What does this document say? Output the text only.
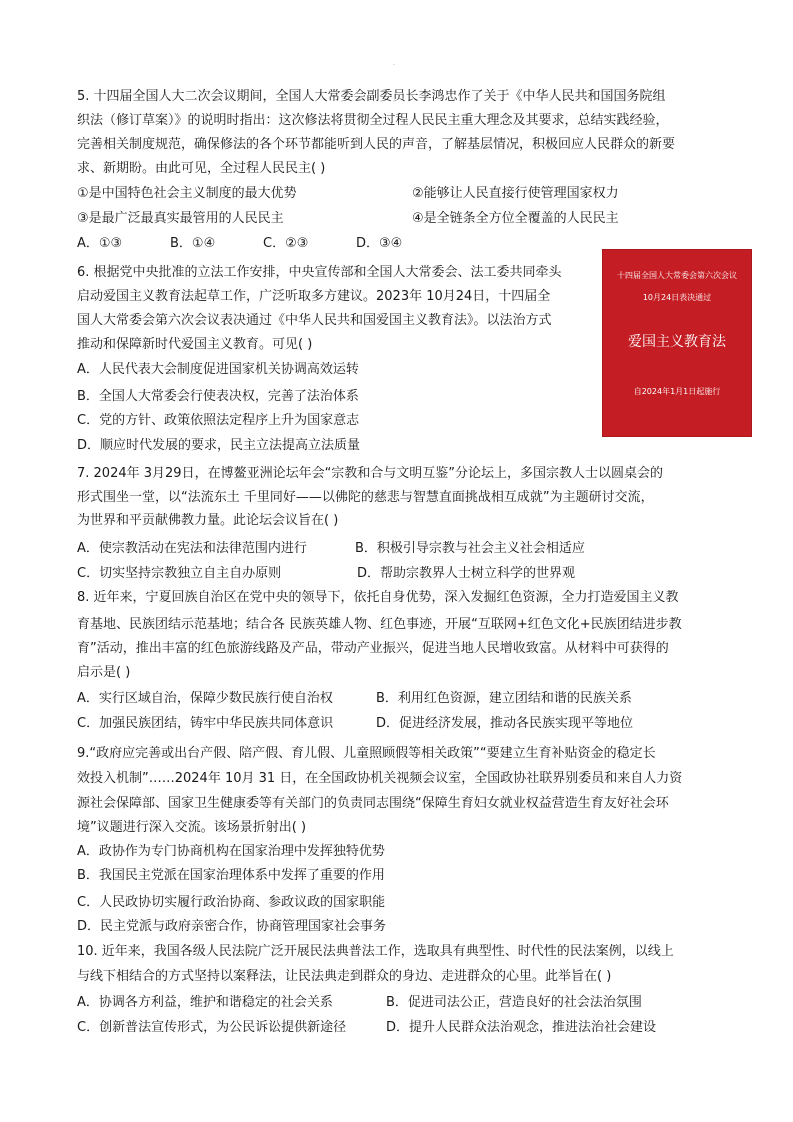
.
5. 十四届全国人大二次会议期间，全国人大常委会副委员长李鸿忠作了关于《中华人民共和国国务院组
织法（修订草案）》的说明时指出：这次修法将贯彻全过程人民民主重大理念及其要求，总结实践经验，
完善相关制度规范，确保修法的各个环节都能听到人民的声音，了解基层情况，积极回应人民群众的新要
求、新期盼。由此可见，全过程人民民主( )
①是中国特色社会主义制度的最大优势	②能够让人民直接行使管理国家权力
③是最广泛最真实最管用的人民民主	④是全链条全方位全覆盖的人民民主
A．①③	B．①④	C．②③	D．③④
6. 根据党中央批准的立法工作安排，中央宣传部和全国人大常委会、法工委共同牵头
启动爱国主义教育法起草工作，广泛听取多方建议。2023年 10月24日，十四届全
国人大常委会第六次会议表决通过《中华人民共和国爱国主义教育法》。以法治方式
推动和保障新时代爱国主义教育。可见( )
A．人民代表大会制度促进国家机关协调高效运转
B．全国人大常委会行使表决权，完善了法治体系
C．党的方针、政策依照法定程序上升为国家意志
D．顺应时代发展的要求，民主立法提高立法质量
十四届全国人大常委会第六次会议
10月24日表决通过
爱国主义教育法
自2024年1月1日起施行
7. 2024年 3月29日，在博鳌亚洲论坛年会“宗教和合与文明互鉴”分论坛上，多国宗教人士以圆桌会的
形式围坐一堂，以“法流东土 千里同好——以佛陀的慈悲与智慧直面挑战相互成就”为主题研讨交流，
为世界和平贡献佛教力量。此论坛会议旨在( )
A．使宗教活动在宪法和法律范围内进行	B．积极引导宗教与社会主义社会相适应
C．切实坚持宗教独立自主自办原则	D．帮助宗教界人士树立科学的世界观
8. 近年来，宁夏回族自治区在党中央的领导下，依托自身优势，深入发掘红色资源，全力打造爱国主义教
育基地、民族团结示范基地；结合各 民族英雄人物、红色事迹，开展“互联网+红色文化+民族团结进步教
育”活动，推出丰富的红色旅游线路及产品，带动产业振兴，促进当地人民增收致富。从材料中可获得的
启示是( )
A．实行区域自治，保障少数民族行使自治权	B．利用红色资源，建立团结和谐的民族关系
C．加强民族团结，铸牢中华民族共同体意识	D．促进经济发展，推动各民族实现平等地位
9.“政府应完善或出台产假、陪产假、育儿假、儿童照顾假等相关政策”“要建立生育补贴资金的稳定长
效投入机制”……2024年 10月 31 日，在全国政协机关视频会议室，全国政协社联界别委员和来自人力资
源社会保障部、国家卫生健康委等有关部门的负责同志围绕“保障生育妇女就业权益营造生育友好社会环
境”议题进行深入交流。该场景折射出( )
A．政协作为专门协商机构在国家治理中发挥独特优势
B．我国民主党派在国家治理体系中发挥了重要的作用
C．人民政协切实履行政治协商、参政议政的国家职能
D．民主党派与政府亲密合作，协商管理国家社会事务
10. 近年来，我国各级人民法院广泛开展民法典普法工作，选取具有典型性、时代性的民法案例，以线上
与线下相结合的方式坚持以案释法，让民法典走到群众的身边、走进群众的心里。此举旨在( )
A．协调各方利益，维护和谐稳定的社会关系	B．促进司法公正，营造良好的社会法治氛围
C．创新普法宣传形式，为公民诉讼提供新途径	D．提升人民群众法治观念，推进法治社会建设
